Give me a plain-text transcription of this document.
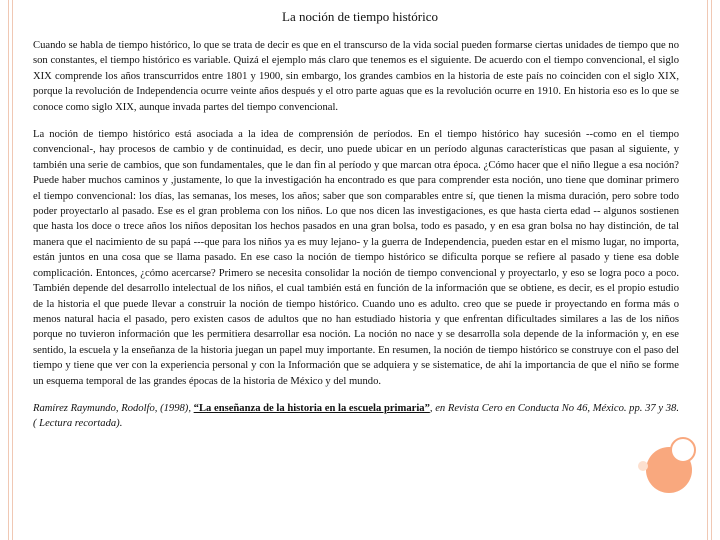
La noción de tiempo histórico

Cuando se habla de tiempo histórico, lo que se trata de decir es que en el transcurso de la vida social pueden formarse ciertas unidades de tiempo que no son constantes, el tiempo histórico es variable. Quizá el ejemplo más claro que tenemos es el siguiente. De acuerdo con el tiempo convencional, el siglo XIX comprende los años transcurridos entre 1801 y 1900, sin embargo, los grandes cambios en la historia de este país no coinciden con el siglo XIX, porque la revolución de Independencia ocurre veinte años después y el otro parte aguas que es la revolución ocurre en 1910. En historia eso es lo que se conoce como siglo XIX, aunque invada partes del tiempo convencional.

La noción de tiempo histórico está asociada a la idea de comprensión de períodos. En el tiempo histórico hay sucesión --como en el tiempo convencional-, hay procesos de cambio y de continuidad, es decir, uno puede ubicar en un período algunas características que pasan al siguiente, y también una serie de cambios, que son fundamentales, que le dan fin al período y que marcan otra época. ¿Cómo hacer que el niño llegue a esa noción? Puede haber muchos caminos y ,justamente, lo que la investigación ha encontrado es que para comprender esta noción, uno tiene que dominar primero el tiempo convencional: los días, las semanas, los meses, los años; saber que son comparables entre sí, que tienen la misma duración, pero sobre todo poder proyectarlo al pasado. Ese es el gran problema con los niños. Lo que nos dicen las investigaciones, es que hasta cierta edad -- algunos sostienen que hasta los doce o trece años los niños depositan los hechos pasados en una gran bolsa, todo es pasado, y en esa gran bolsa no hay distinción, de tal manera que el nacimiento de su papá ---que para los niños ya es muy lejano- y la guerra de Independencia, pueden estar en el mismo lugar, no importa, están juntos en una cosa que se llama pasado. En ese caso la noción de tiempo histórico se dificulta porque se refiere al pasado y tiene esa doble complicación. Entonces, ¿cómo acercarse? Primero se necesita consolidar la noción de tiempo convencional y proyectarlo, y eso se logra poco a poco. También depende del desarrollo intelectual de los niños, el cual también está en función de la información que se obtiene, es decir, es el propio estudio de la historia el que puede llevar a construir la noción de tiempo histórico. Cuando uno es adulto. creo que se puede ir proyectando en forma más o menos natural hacia el pasado, pero existen casos de adultos que no han estudiado historia y que enfrentan dificultades similares a las de los niños porque no tuvieron información que les permitiera desarrollar esa noción. La noción no nace y se desarrolla sola depende de la información y, en ese sentido, la escuela y la enseñanza de la historia juegan un papel muy importante. En resumen, la noción de tiempo histórico se construye con el paso del tiempo y tiene que ver con la experiencia personal y con la Información que se adquiera y se sistematice, de ahí la importancia de que el niño se forme un esquema temporal de las grandes épocas de la historia de México y del mundo.

Ramírez Raymundo, Rodolfo, (1998), “La enseñanza de la historia en la escuela primaria”, en Revista Cero en Conducta No 46, México. pp. 37 y 38. ( Lectura recortada).
